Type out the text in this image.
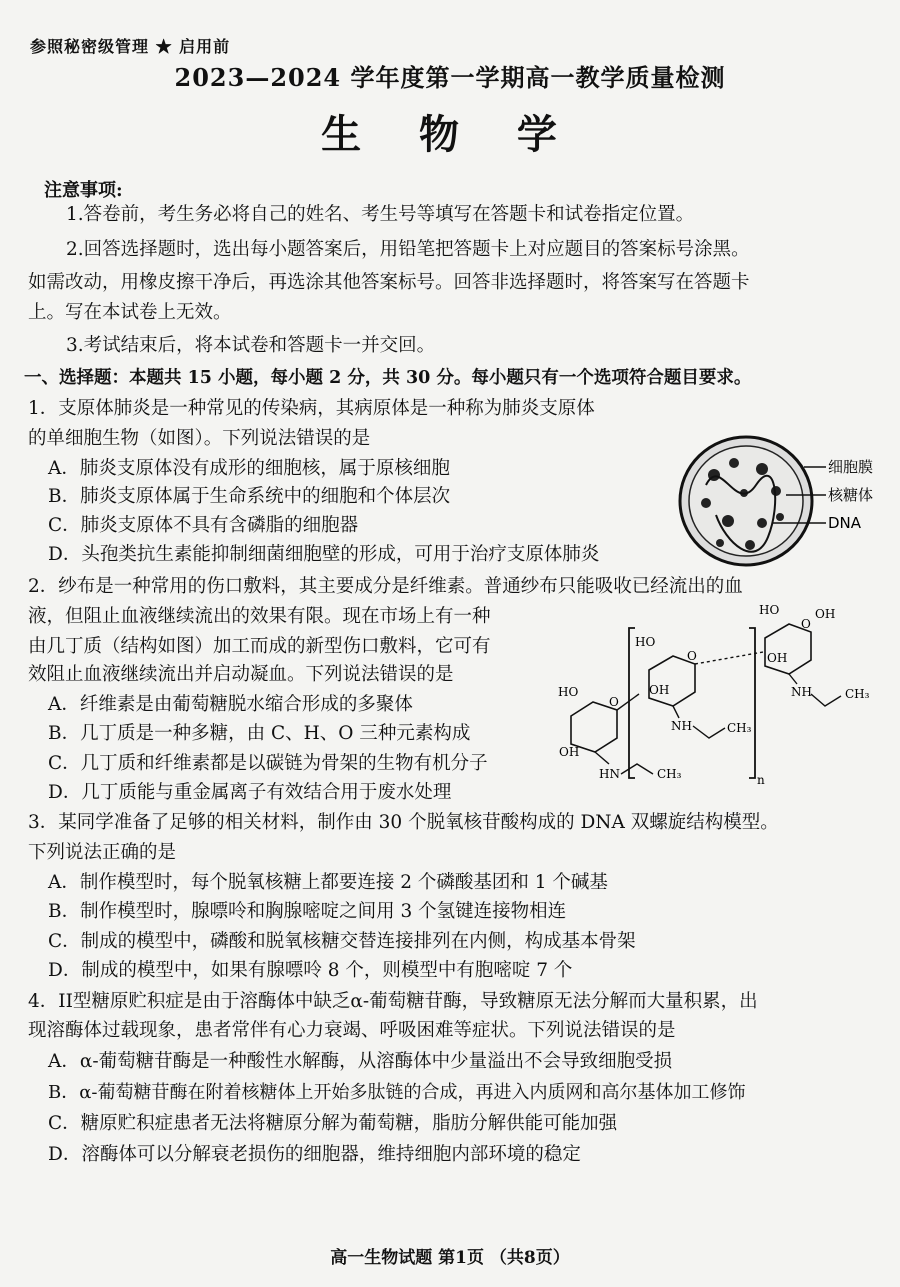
参照秘密级管理 ★ 启用前
2023—2024 学年度第一学期高一教学质量检测
生 物 学
注意事项:
1.答卷前，考生务必将自己的姓名、考生号等填写在答题卡和试卷指定位置。
2.回答选择题时，选出每小题答案后，用铅笔把答题卡上对应题目的答案标号涂黑。
如需改动，用橡皮擦干净后，再选涂其他答案标号。回答非选择题时，将答案写在答题卡
上。写在本试卷上无效。
3.考试结束后，将本试卷和答题卡一并交回。
一、选择题：本题共 15 小题，每小题 2 分，共 30 分。每小题只有一个选项符合题目要求。
1．支原体肺炎是一种常见的传染病，其病原体是一种称为肺炎支原体
的单细胞生物（如图）。下列说法错误的是
A．肺炎支原体没有成形的细胞核，属于原核细胞
B．肺炎支原体属于生命系统中的细胞和个体层次
C．肺炎支原体不具有含磷脂的细胞器
D．头孢类抗生素能抑制细菌细胞壁的形成，可用于治疗支原体肺炎
细胞膜
核糖体
DNA
2．纱布是一种常用的伤口敷料，其主要成分是纤维素。普通纱布只能吸收已经流出的血
液，但阻止血液继续流出的效果有限。现在市场上有一种
由几丁质（结构如图）加工而成的新型伤口敷料，它可有
效阻止血液继续流出并启动凝血。下列说法错误的是
A．纤维素是由葡萄糖脱水缩合形成的多聚体
B．几丁质是一种多糖，由 C、H、O 三种元素构成
C．几丁质和纤维素都是以碳链为骨架的生物有机分子
D．几丁质能与重金属离子有效结合用于废水处理
n
O
HO
OH
HN	CH₃
O
HO
OH
NH	CH₃
O
HO	OH
OH
NH	CH₃
3．某同学准备了足够的相关材料，制作由 30 个脱氧核苷酸构成的 DNA 双螺旋结构模型。
下列说法正确的是
A．制作模型时，每个脱氧核糖上都要连接 2 个磷酸基团和 1 个碱基
B．制作模型时，腺嘌呤和胸腺嘧啶之间用 3 个氢键连接物相连
C．制成的模型中，磷酸和脱氧核糖交替连接排列在内侧，构成基本骨架
D．制成的模型中，如果有腺嘌呤 8 个，则模型中有胞嘧啶 7 个
4．II型糖原贮积症是由于溶酶体中缺乏α-葡萄糖苷酶，导致糖原无法分解而大量积累，出
现溶酶体过载现象，患者常伴有心力衰竭、呼吸困难等症状。下列说法错误的是
A．α-葡萄糖苷酶是一种酸性水解酶，从溶酶体中少量溢出不会导致细胞受损
B．α-葡萄糖苷酶在附着核糖体上开始多肽链的合成，再进入内质网和高尔基体加工修饰
C．糖原贮积症患者无法将糖原分解为葡萄糖，脂肪分解供能可能加强
D．溶酶体可以分解衰老损伤的细胞器，维持细胞内部环境的稳定
高一生物试题 第1页 （共8页）
